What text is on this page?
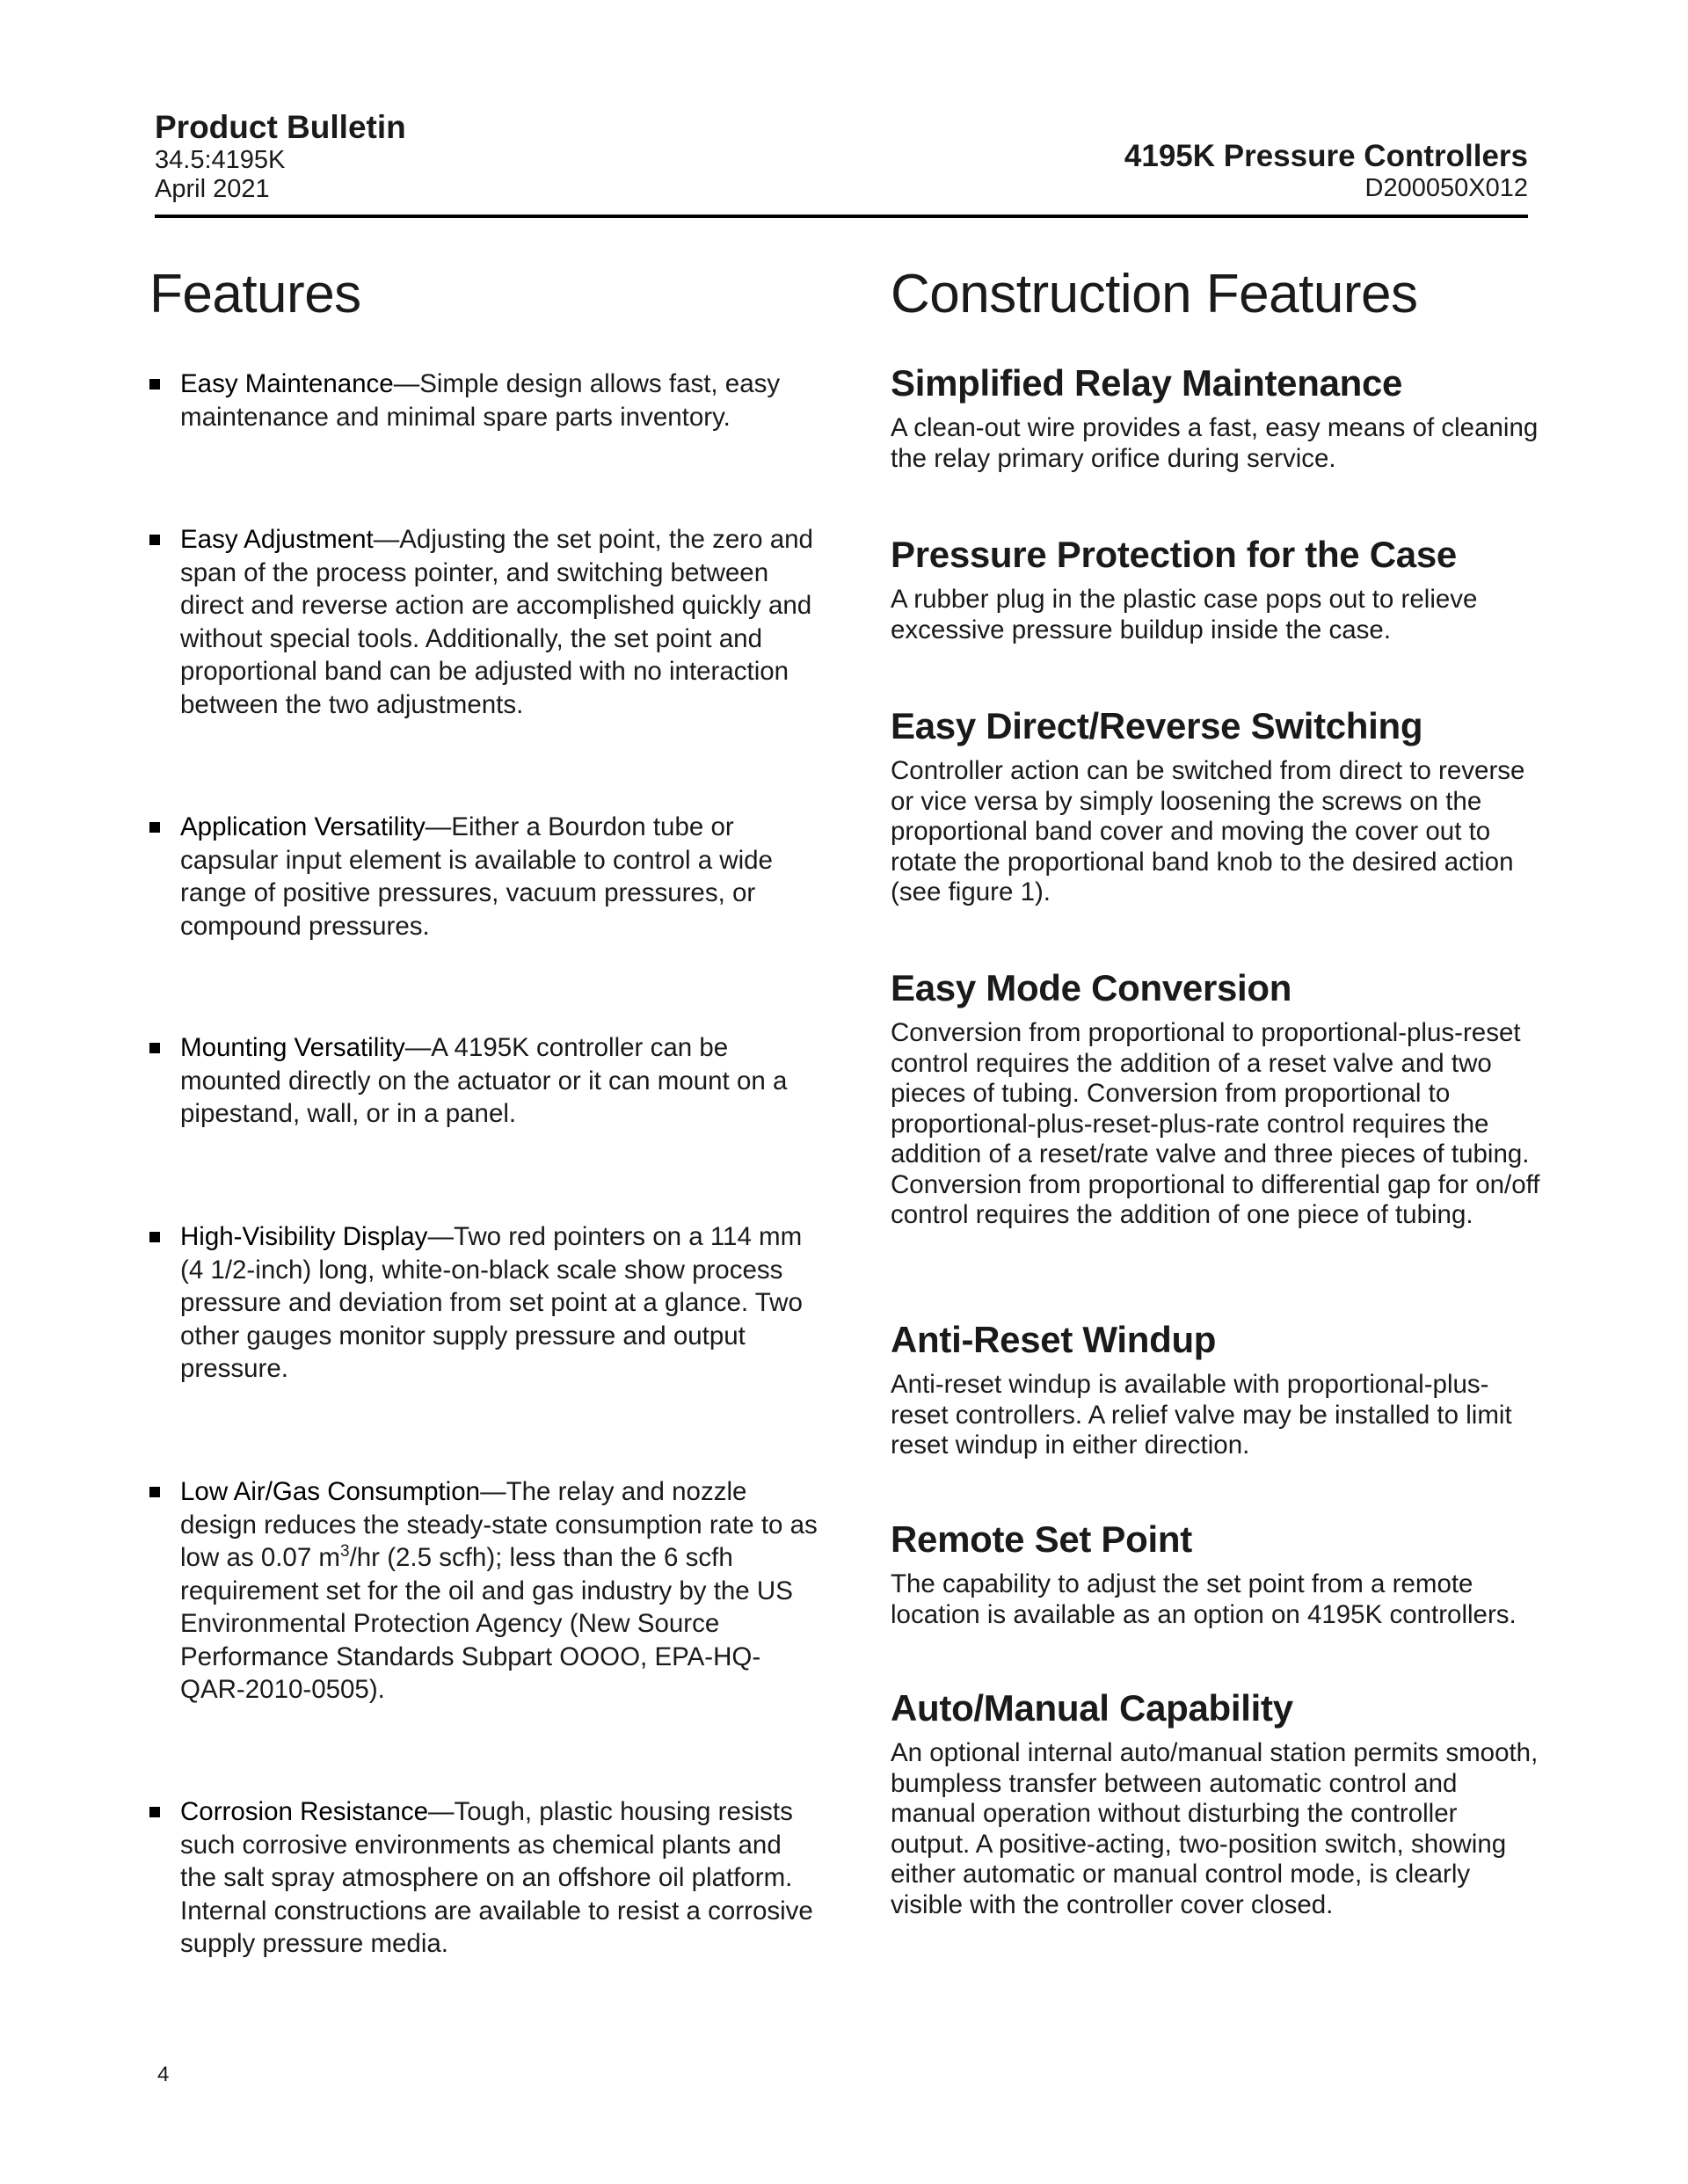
Product Bulletin
34.5:4195K
April 2021
4195K Pressure Controllers
D200050X012
Features
Easy Maintenance—Simple design allows fast, easy maintenance and minimal spare parts inventory.
Easy Adjustment—Adjusting the set point, the zero and span of the process pointer, and switching between direct and reverse action are accomplished quickly and without special tools. Additionally, the set point and proportional band can be adjusted with no interaction between the two adjustments.
Application Versatility—Either a Bourdon tube or capsular input element is available to control a wide range of positive pressures, vacuum pressures, or compound pressures.
Mounting Versatility—A 4195K controller can be mounted directly on the actuator or it can mount on a pipestand, wall, or in a panel.
High-Visibility Display—Two red pointers on a 114 mm (4 1/2-inch) long, white-on-black scale show process pressure and deviation from set point at a glance. Two other gauges monitor supply pressure and output pressure.
Low Air/Gas Consumption—The relay and nozzle design reduces the steady-state consumption rate to as low as 0.07 $m^3/hr$ (2.5 scfh); less than the 6 scfh requirement set for the oil and gas industry by the US Environmental Protection Agency (New Source Performance Standards Subpart OOOO, EPA-HQ-QAR-2010-0505).
Corrosion Resistance—Tough, plastic housing resists such corrosive environments as chemical plants and the salt spray atmosphere on an offshore oil platform. Internal constructions are available to resist a corrosive supply pressure media.
Construction Features
Simplified Relay Maintenance

A clean-out wire provides a fast, easy means of cleaning the relay primary orifice during service.

Pressure Protection for the Case

A rubber plug in the plastic case pops out to relieve excessive pressure buildup inside the case.

Easy Direct/Reverse Switching

Controller action can be switched from direct to reverse or vice versa by simply loosening the screws on the proportional band cover and moving the cover out to rotate the proportional band knob to the desired action (see figure 1).

Easy Mode Conversion

Conversion from proportional to proportional-plus-reset control requires the addition of a reset valve and two pieces of tubing. Conversion from proportional to proportional-plus-reset-plus-rate control requires the addition of a reset/rate valve and three pieces of tubing. Conversion from proportional to differential gap for on/off control requires the addition of one piece of tubing.

Anti-Reset Windup

Anti-reset windup is available with proportional-plus-reset controllers. A relief valve may be installed to limit reset windup in either direction.

Remote Set Point

The capability to adjust the set point from a remote location is available as an option on 4195K controllers.

Auto/Manual Capability

An optional internal auto/manual station permits smooth, bumpless transfer between automatic control and manual operation without disturbing the controller output. A positive-acting, two-position switch, showing either automatic or manual control mode, is clearly visible with the controller cover closed.

4
